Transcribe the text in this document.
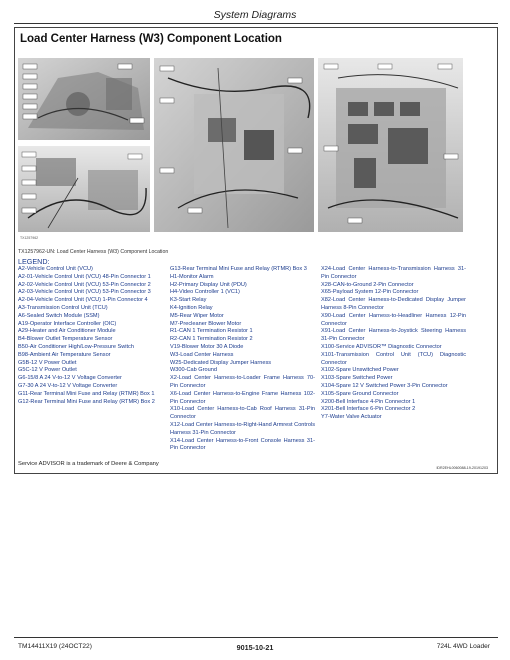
System Diagrams
Load Center Harness (W3) Component Location
TX1257962
TX1257962-UN: Load Center Harness (W3) Component Location
LEGEND:
A2-Vehicle Control Unit (VCU)
A2-01-Vehicle Control Unit (VCU) 48-Pin Connector 1
A2-02-Vehicle Control Unit (VCU) 53-Pin Connector 2
A2-03-Vehicle Control Unit (VCU) 53-Pin Connector 3
A2-04-Vehicle Control Unit (VCU) 1-Pin Connector 4
A3-Transmission Control Unit (TCU)
A6-Sealed Switch Module (SSM)
A19-Operator Interface Controller (OIC)
A29-Heater and Air Conditioner Module
B4-Blower Outlet Temperature Sensor
B50-Air Conditioner High/Low-Pressure Switch
B98-Ambient Air Temperature Sensor
G5B-12 V Power Outlet
G5C-12 V Power Outlet
G6-15/8 A 24 V-to-12 V Voltage Converter
G7-30 A 24 V-to-12 V Voltage Converter
G11-Rear Terminal Mini Fuse and Relay (RTMR) Box 1
G12-Rear Terminal Mini Fuse and Relay (RTMR) Box 2
G13-Rear Terminal Mini Fuse and Relay (RTMR) Box 3
H1-Monitor Alarm
H2-Primary Display Unit (PDU)
H4-Video Controller 1 (VC1)
K3-Start Relay
K4-Ignition Relay
M5-Rear Wiper Motor
M7-Precleaner Blower Motor
R1-CAN 1 Termination Resistor 1
R2-CAN 1 Termination Resistor 2
V19-Blower Motor 30 A Diode
W3-Load Center Harness
W25-Dedicated Display Jumper Harness
W300-Cab Ground
X2-Load Center Harness-to-Loader Frame Harness 70-Pin Connector
X6-Load Center Harness-to-Engine Frame Harness 102-Pin Connector
X10-Load Center Harness-to-Cab Roof Harness 31-Pin Connector
X12-Load Center Harness-to-Right-Hand Armrest Controls Harness 31-Pin Connector
X14-Load Center Harness-to-Front Console Harness 31-Pin Connector
X24-Load Center Harness-to-Transmission Harness 31-Pin Connector
X28-CAN-to-Ground 2-Pin Connector
X65-Payload System 12-Pin Connector
X82-Load Center Harness-to-Dedicated Display Jumper Harness 8-Pin Connector
X90-Load Center Harness-to-Headliner Harness 12-Pin Connector
X91-Load Center Harness-to-Joystick Steering Harness 31-Pin Connector
X100-Service ADVISOR™ Diagnostic Connector
X101-Transmission Control Unit (TCU) Diagnostic Connector
X102-Spare Unswitched Power
X103-Spare Switched Power
X104-Spare 12 V Switched Power 3-Pin Connector
X105-Spare Ground Connector
X200-Bell Interface 4-Pin Connector 1
X201-Bell Interface 6-Pin Connector 2
Y7-Water Valve Actuator
Service ADVISOR is a trademark of Deere & Company
IDR2EHL0060088-19-20191203
TM14411X19 (24OCT22)	9015-10-21	724L 4WD Loader
